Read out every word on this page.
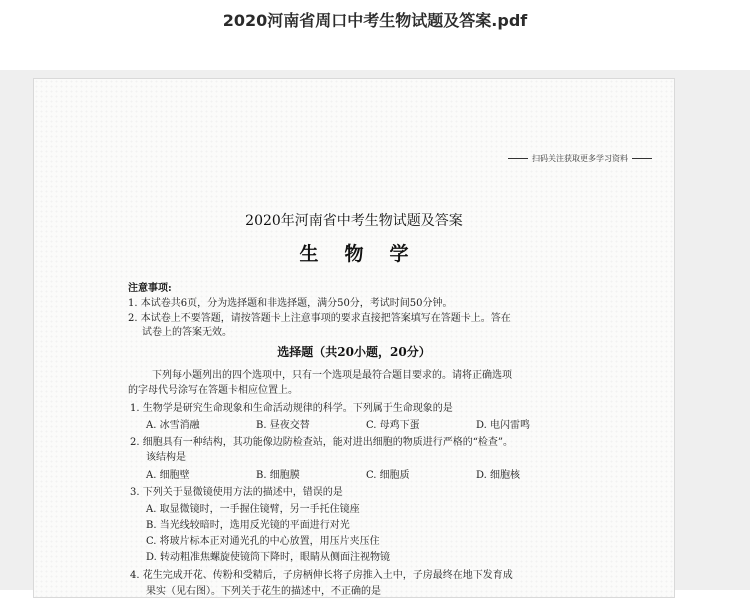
2020河南省周口中考生物试题及答案.pdf
扫码关注获取更多学习资料
2020年河南省中考生物试题及答案
生物学
注意事项:
1. 本试卷共6页，分为选择题和非选择题，满分50分，考试时间50分钟。
2. 本试卷上不要答题，请按答题卡上注意事项的要求直接把答案填写在答题卡上。答在
试卷上的答案无效。
选择题（共20小题，20分）
下列每小题列出的四个选项中，只有一个选项是最符合题目要求的。请将正确选项
的字母代号涂写在答题卡相应位置上。
1. 生物学是研究生命现象和生命活动规律的科学。下列属于生命现象的是
A. 冰雪消融	B. 昼夜交替	C. 母鸡下蛋	D. 电闪雷鸣
2. 细胞具有一种结构，其功能像边防检查站，能对进出细胞的物质进行严格的“检查”。
该结构是
A. 细胞壁	B. 细胞膜	C. 细胞质	D. 细胞核
3. 下列关于显微镜使用方法的描述中，错误的是
A. 取显微镜时，一手握住镜臂，另一手托住镜座
B. 当光线较暗时，选用反光镜的平面进行对光
C. 将玻片标本正对通光孔的中心放置，用压片夹压住
D. 转动粗准焦螺旋使镜筒下降时，眼睛从侧面注视物镜
4. 花生完成开花、传粉和受精后，子房柄伸长将子房推入土中，子房最终在地下发育成
果实（见右图）。下列关于花生的描述中，不正确的是
